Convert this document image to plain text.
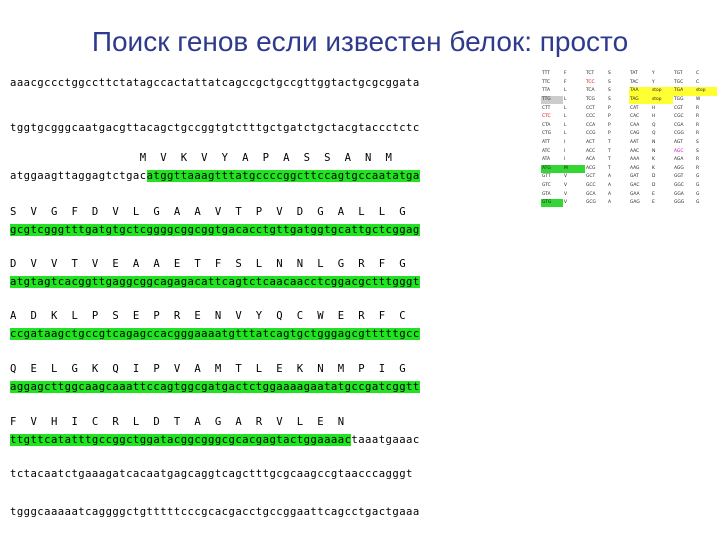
Поиск генов если известен белок: просто
aaacgccctggccttctatagccactattatcagccgctgccgttggtactgcgcggata
tggtgcgggcaatgacgttacagctgccggtgtctttgctgatctgctacgtaccctctc
M  V  K  V  Y  A  P  A  S  S  A  N  M
atggaagttaggagtctgacatggttaaagtttatgccccggcttccagtgccaatatga
S  V  G  F  D  V  L  G  A  A  V  T  P  V  D  G  A  L  L  G
gcgtcgggtttgatgtgctcggggcggcggtgacacctgttgatggtgcattgctcggag
D  V  V  T  V  E  A  A  E  T  F  S  L  N  N  L  G  R  F  G
atgtagtcacggttgaggcggcagagacattcagtctcaacaacctcggacgctttgggt
A  D  K  L  P  S  E  P  R  E  N  V  Y  Q  C  W  E  R  F  C
ccgataagctgccgtcagagccacgggaaaatgtttatcagtgctgggagcgtttttgcc
Q  E  L  G  K  Q  I  P  V  A  M  T  L  E  K  N  M  P  I  G
aggagcttggcaagcaaattccagtggcgatgactctggaaaagaatatgccgatcggtt
F  V  H  I  C  R  L  D  T  A  G  A  R  V  L  E  N
ttgttcatatttgccggctggatacggcgggcgcacgagtactggaaaactaaatgaaac
tctacaatctgaaagatcacaatgagcaggtcagctttgcgcaagccgtaacccagggt
tgggcaaaaatcaggggctgtttttcccgcacgacctgccggaattcagcctgactgaaa
TTT	F	TCT	S	TAT	Y	TGT	C
TTC	F	TCC	S	TAC	Y	TGC	C
TTA	L	TCA	S	TAA	stop	TGA	stop
TTG	L	TCG	S	TAG	stop	TGG	W
CTT	L	CCT	P	CAT	H	CGT	R
CTC	L	CCC	P	CAC	H	CGC	R
CTA	L	CCA	P	CAA	Q	CGA	R
CTG	L	CCG	P	CAG	Q	CGG	R
ATT	I	ACT	T	AAT	N	AGT	S
ATC	I	ACC	T	AAC	N	AGC	S
ATA	I	ACA	T	AAA	K	AGA	R
ATG	M	ACG	T	AAG	K	AGG	R
GTT	V	GCT	A	GAT	D	GGT	G
GTC	V	GCC	A	GAC	D	GGC	G
GTA	V	GCA	A	GAA	E	GGA	G
GTG	V	GCG	A	GAG	E	GGG	G
